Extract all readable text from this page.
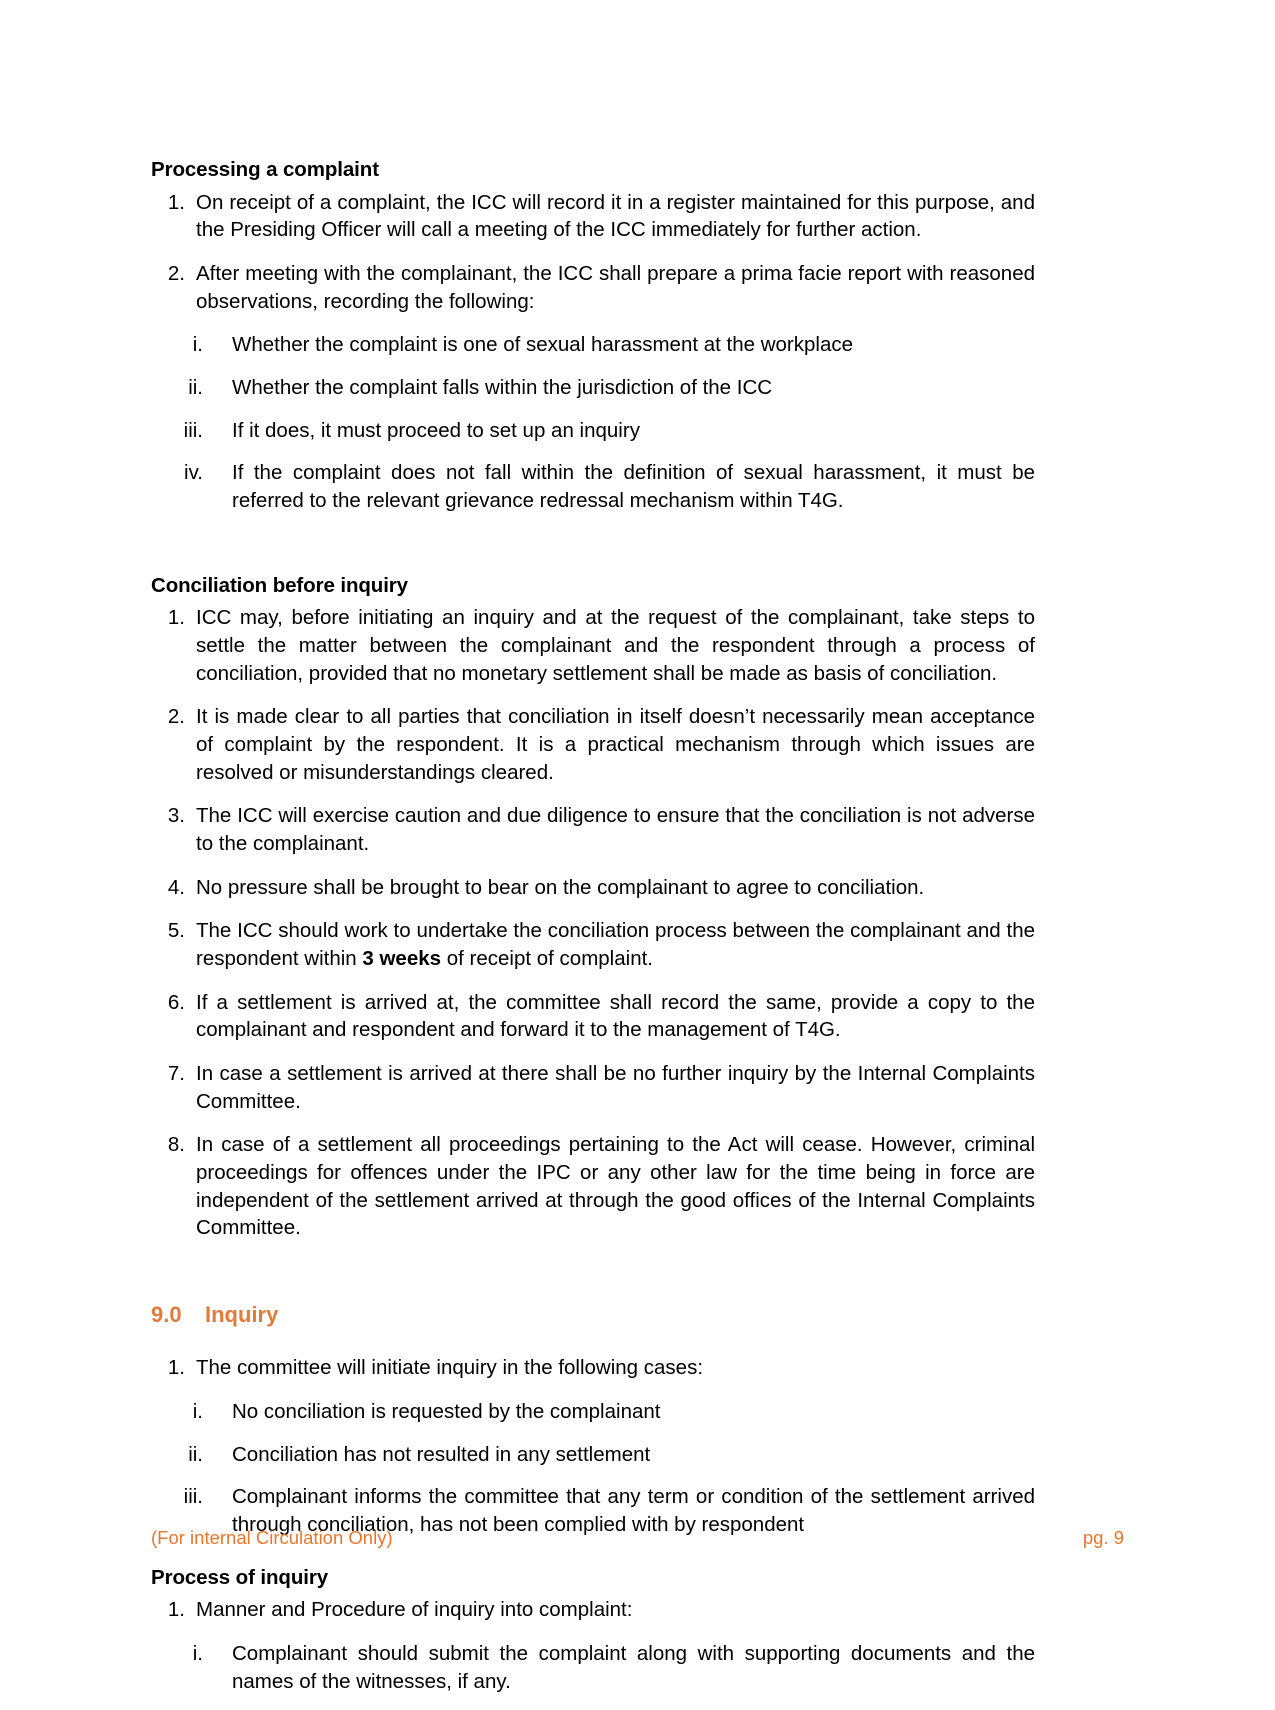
Processing a complaint
1. On receipt of a complaint, the ICC will record it in a register maintained for this purpose, and the Presiding Officer will call a meeting of the ICC immediately for further action.
2. After meeting with the complainant, the ICC shall prepare a prima facie report with reasoned observations, recording the following:
i.	Whether the complaint is one of sexual harassment at the workplace
ii.	Whether the complaint falls within the jurisdiction of the ICC
iii.	If it does, it must proceed to set up an inquiry
iv.	If the complaint does not fall within the definition of sexual harassment, it must be referred to the relevant grievance redressal mechanism within T4G.
Conciliation before inquiry
1. ICC may, before initiating an inquiry and at the request of the complainant, take steps to settle the matter between the complainant and the respondent through a process of conciliation, provided that no monetary settlement shall be made as basis of conciliation.
2. It is made clear to all parties that conciliation in itself doesn’t necessarily mean acceptance of complaint by the respondent. It is a practical mechanism through which issues are resolved or misunderstandings cleared.
3. The ICC will exercise caution and due diligence to ensure that the conciliation is not adverse to the complainant.
4. No pressure shall be brought to bear on the complainant to agree to conciliation.
5. The ICC should work to undertake the conciliation process between the complainant and the respondent within 3 weeks of receipt of complaint.
6. If a settlement is arrived at, the committee shall record the same, provide a copy to the complainant and respondent and forward it to the management of T4G.
7. In case a settlement is arrived at there shall be no further inquiry by the Internal Complaints Committee.
8. In case of a settlement all proceedings pertaining to the Act will cease. However, criminal proceedings for offences under the IPC or any other law for the time being in force are independent of the settlement arrived at through the good offices of the Internal Complaints Committee.
9.0	Inquiry
1. The committee will initiate inquiry in the following cases:
i.	No conciliation is requested by the complainant
ii.	Conciliation has not resulted in any settlement
iii.	Complainant informs the committee that any term or condition of the settlement arrived through conciliation, has not been complied with by respondent
Process of inquiry
1. Manner and Procedure of inquiry into complaint:
i.	Complainant should submit the complaint along with supporting documents and the names of the witnesses, if any.
(For internal Circulation Only)	pg. 9
